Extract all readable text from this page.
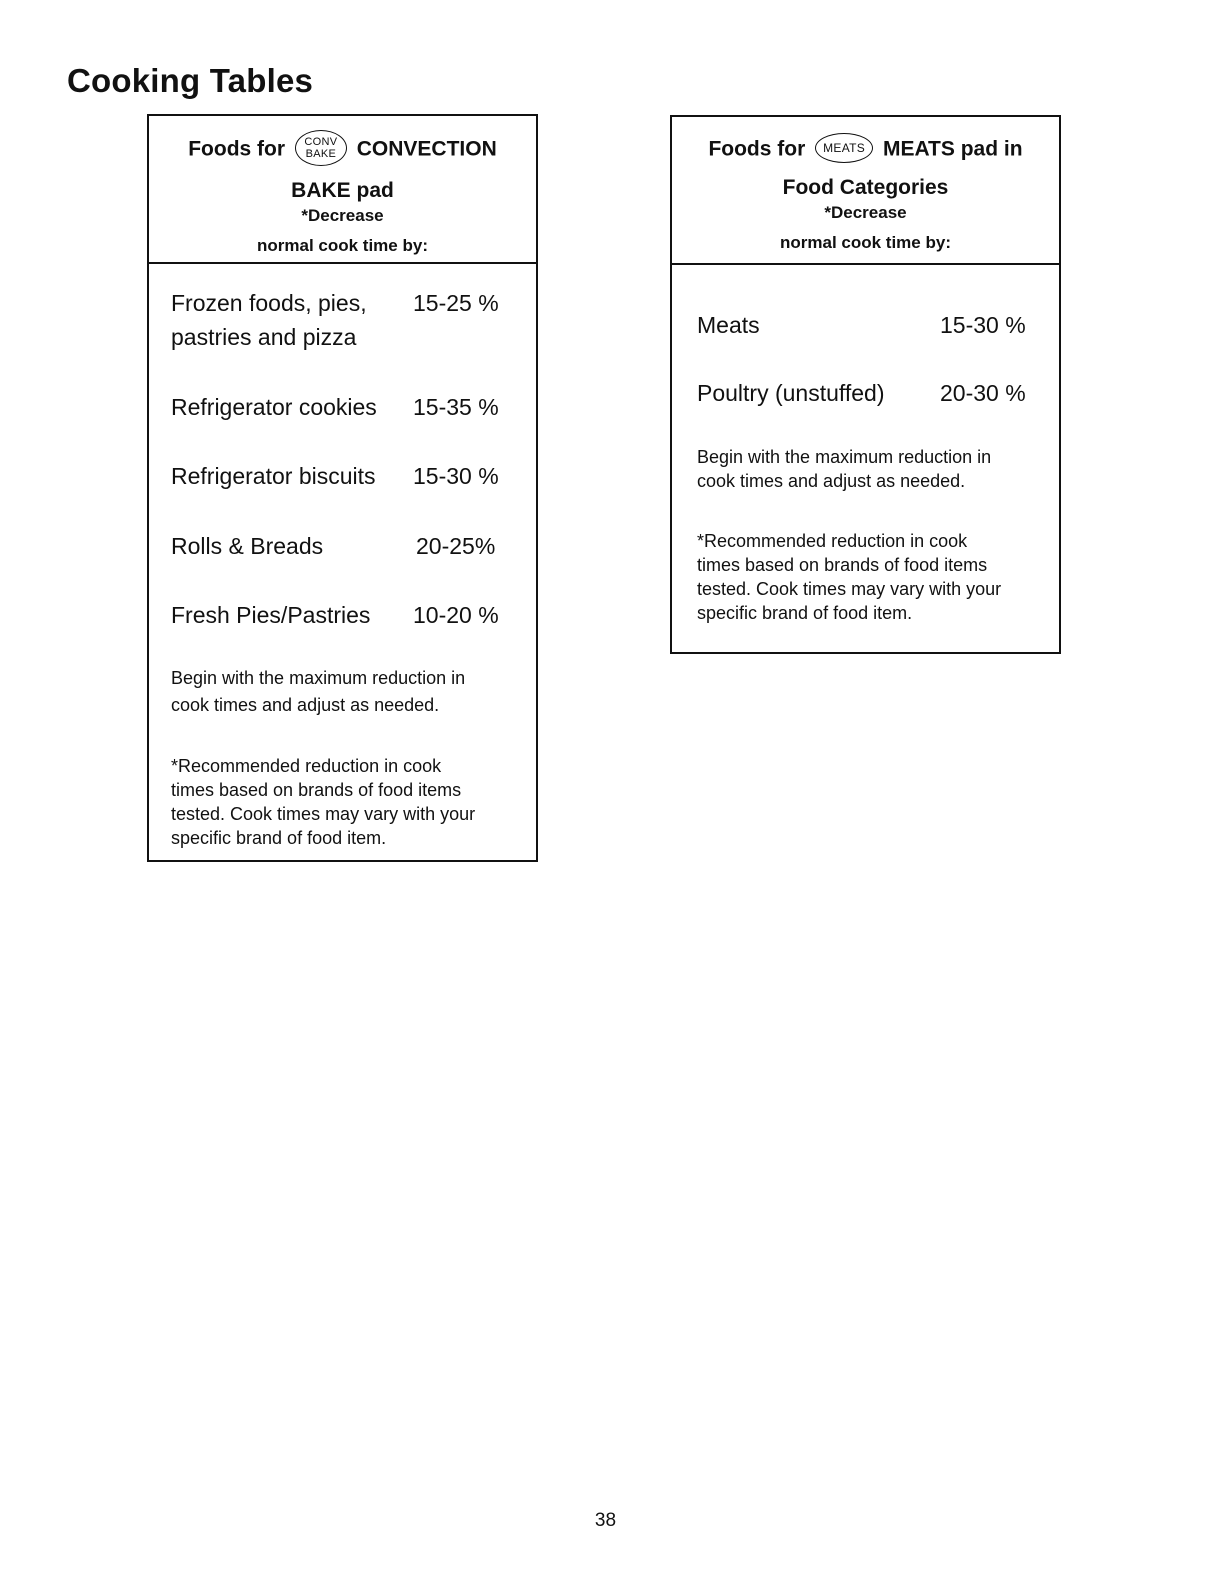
Cooking Tables
Foods for CONV
BAKE CONVECTION
BAKE pad
*Decrease
normal cook time by:
Frozen foods, pies, 15-25 %
pastries and pizza
Refrigerator cookies 15-35 %
Refrigerator biscuits 15-30 %
Rolls & Breads	20-25%
Fresh Pies/Pastries 10-20 %
Begin with the maximum reduction in
cook times and adjust as needed.
*Recommended reduction in cook
times based on brands of food items
tested. Cook times may vary with your
specific brand of food item.
Foods for MEATS MEATS pad in
Food Categories
*Decrease
normal cook time by:
Meats	15-30 %
Poultry (unstuffed) 20-30 %
Begin with the maximum reduction in
cook times and adjust as needed.
*Recommended reduction in cook
times based on brands of food items
tested. Cook times may vary with your
specific brand of food item.
38
